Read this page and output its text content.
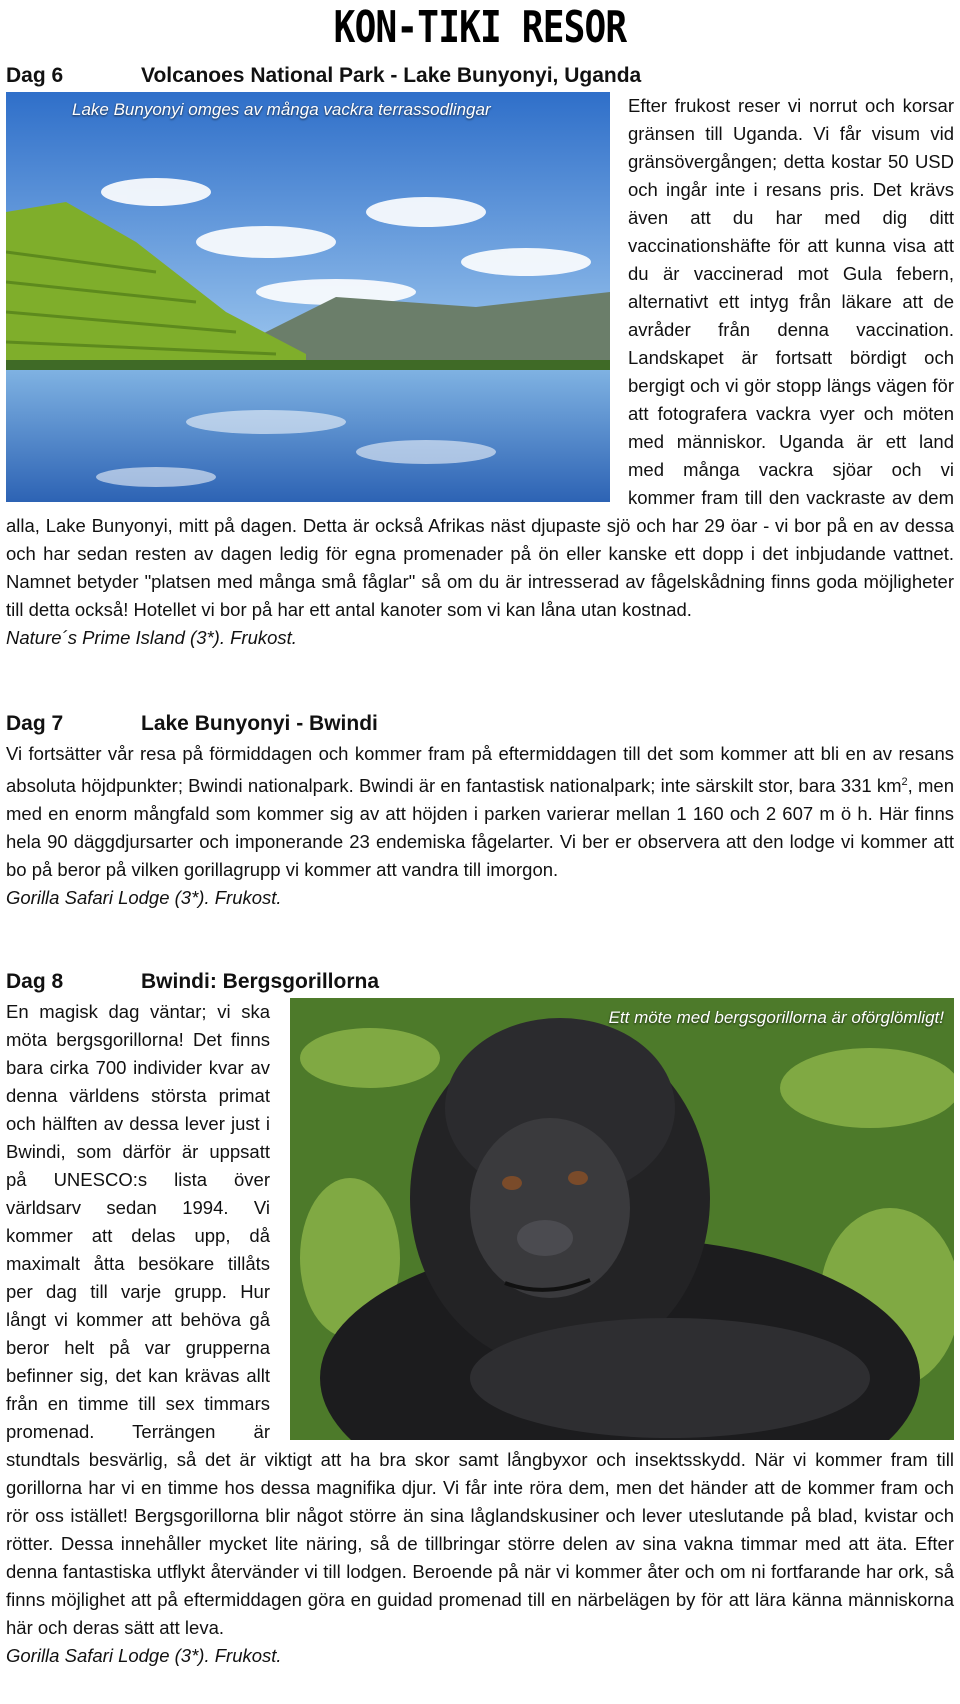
KON-TIKI RESOR
Dag 6	Volcanoes National Park - Lake Bunyonyi, Uganda
Lake Bunyonyi omges av många vackra terrassodlingar	Efter frukost reser vi norrut och korsar gränsen till Uganda. Vi får visum vid gränsövergången; detta kostar 50 USD och ingår inte i resans pris. Det krävs även att du har med dig ditt vaccinationshäfte för att kunna visa att du är vaccinerad mot Gula febern, alternativt ett intyg från läkare att de avråder från denna vaccination. Landskapet är fortsatt bördigt och bergigt och vi gör stopp längs vägen för att fotografera vackra vyer och möten med människor. Uganda är ett land med många vackra sjöar och vi kommer fram till den vackraste av dem alla, Lake Bunyonyi, mitt på dagen. Detta är också Afrikas näst djupaste sjö och har 29 öar - vi bor på en av dessa och har sedan resten av dagen ledig för egna promenader på ön eller kanske ett dopp i det inbjudande vattnet. Namnet betyder "platsen med många små fåglar" så om du är intresserad av fågelskådning finns goda möjligheter till detta också! Hotellet vi bor på har ett antal kanoter som vi kan låna utan kostnad.

Nature´s Prime Island (3*). Frukost.

Dag 7	Lake Bunyonyi - Bwindi

Vi fortsätter vår resa på förmiddagen och kommer fram på eftermiddagen till det som kommer att bli en av resans absoluta höjdpunkter; Bwindi nationalpark. Bwindi är en fantastisk nationalpark; inte särskilt stor, bara 331 $km^2$, men med en enorm mångfald som kommer sig av att höjden i parken varierar mellan 1 160 och 2 607 m ö h. Här finns hela 90 däggdjursarter och imponerande 23 endemiska fågelarter. Vi ber er observera att den lodge vi kommer att bo på beror på vilken gorillagrupp vi kommer att vandra till imorgon.

Gorilla Safari Lodge (3*). Frukost.

Dag 8	Bwindi: Bergsgorillorna
Ett möte med bergsgorillorna är oförglömligt!

En magisk dag väntar; vi ska möta bergsgorillorna! Det finns bara cirka 700 individer kvar av denna världens största primat och hälften av dessa lever just i Bwindi, som därför är uppsatt på UNESCO:s lista över världsarv sedan 1994. Vi kommer att delas upp, då maximalt åtta besökare tillåts per dag till varje grupp. Hur långt vi kommer att behöva gå beror helt på var grupperna befinner sig, det kan krävas allt från en timme till sex timmars promenad. Terrängen är stundtals besvärlig, så det är viktigt att ha bra skor samt långbyxor och insektsskydd. När vi kommer fram till gorillorna har vi en timme hos dessa magnifika djur. Vi får inte röra dem, men det händer att de kommer fram och rör oss istället! Bergsgorillorna blir något större än sina låglandskusiner och lever uteslutande på blad, kvistar och rötter. Dessa innehåller mycket lite näring, så de tillbringar större delen av sina vakna timmar med att äta. Efter denna fantastiska utflykt återvänder vi till lodgen. Beroende på när vi kommer åter och om ni fortfarande har ork, så finns möjlighet att på eftermiddagen göra en guidad promenad till en närbelägen by för att lära känna människorna här och deras sätt att leva.

Gorilla Safari Lodge (3*). Frukost.
